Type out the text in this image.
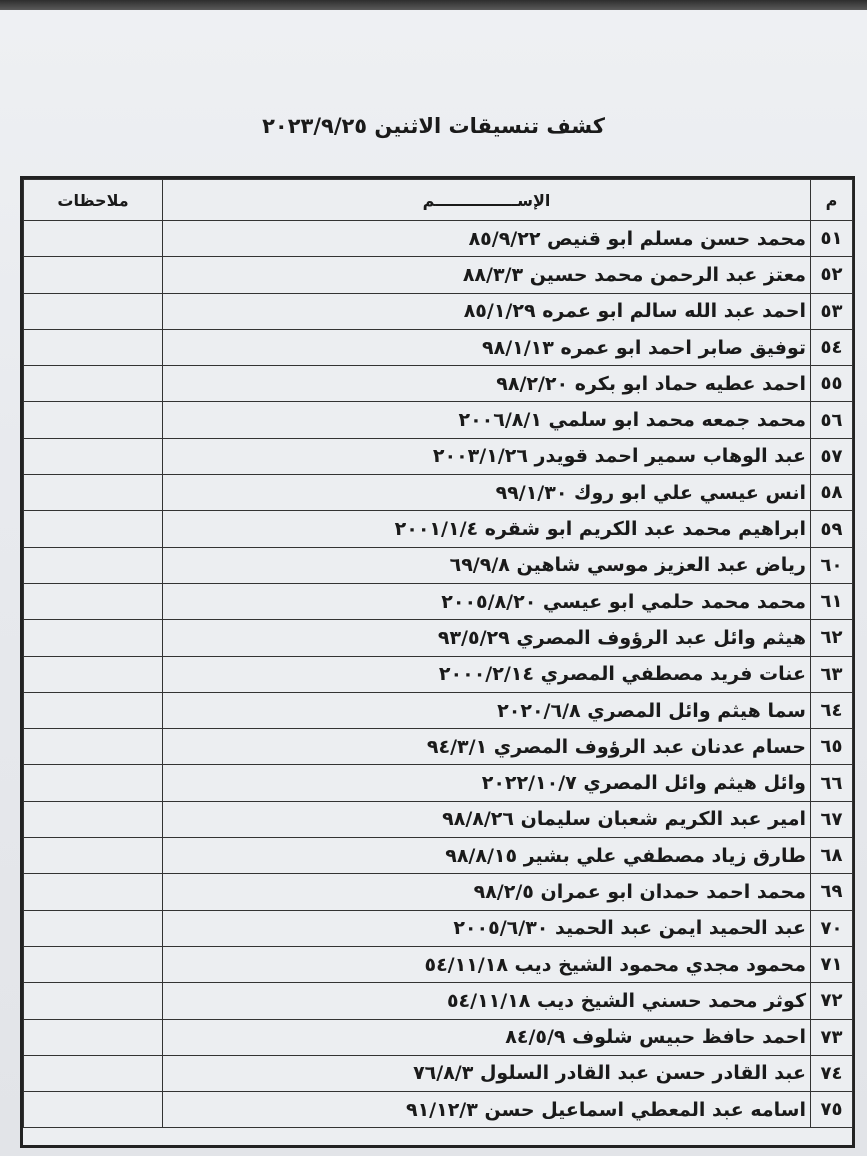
كشف تنسيقات الاثنين ٢٠٢٣/٩/٢٥
م	الإســـــــــــــــم	ملاحظات
٥١	محمد حسن مسلم ابو قنيص ٨٥/٩/٢٢	
٥٢	معتز عبد الرحمن محمد حسين ٨٨/٣/٣	
٥٣	احمد عبد الله سالم ابو عمره ٨٥/١/٢٩	
٥٤	توفيق صابر احمد ابو عمره ٩٨/١/١٣	
٥٥	احمد عطيه حماد ابو بكره ٩٨/٢/٢٠	
٥٦	محمد جمعه محمد ابو سلمي ٢٠٠٦/٨/١	
٥٧	عبد الوهاب سمير احمد قويدر ٢٠٠٣/١/٢٦	
٥٨	انس عيسي علي ابو روك ٩٩/١/٣٠	
٥٩	ابراهيم محمد عبد الكريم ابو شقره ٢٠٠١/١/٤	
٦٠	رياض عبد العزيز موسي شاهين ٦٩/٩/٨	
٦١	محمد محمد حلمي ابو عيسي ٢٠٠٥/٨/٢٠	
٦٢	هيثم وائل عبد الرؤوف المصري ٩٣/٥/٢٩	
٦٣	عنات فريد مصطفي المصري ٢٠٠٠/٢/١٤	
٦٤	سما هيثم وائل المصري ٢٠٢٠/٦/٨	
٦٥	حسام عدنان عبد الرؤوف المصري ٩٤/٣/١	
٦٦	وائل هيثم وائل المصري ٢٠٢٢/١٠/٧	
٦٧	امير عبد الكريم شعبان سليمان ٩٨/٨/٢٦	
٦٨	طارق زياد مصطفي علي بشير ٩٨/٨/١٥	
٦٩	محمد احمد حمدان ابو عمران ٩٨/٢/٥	
٧٠	عبد الحميد ايمن عبد الحميد ٢٠٠٥/٦/٣٠	
٧١	محمود مجدي محمود الشيخ ديب ٥٤/١١/١٨	
٧٢	كوثر محمد حسني الشيخ ديب ٥٤/١١/١٨	
٧٣	احمد حافظ حبيس شلوف ٨٤/٥/٩	
٧٤	عبد القادر حسن عبد القادر السلول ٧٦/٨/٣	
٧٥	اسامه عبد المعطي اسماعيل حسن ٩١/١٢/٣	
